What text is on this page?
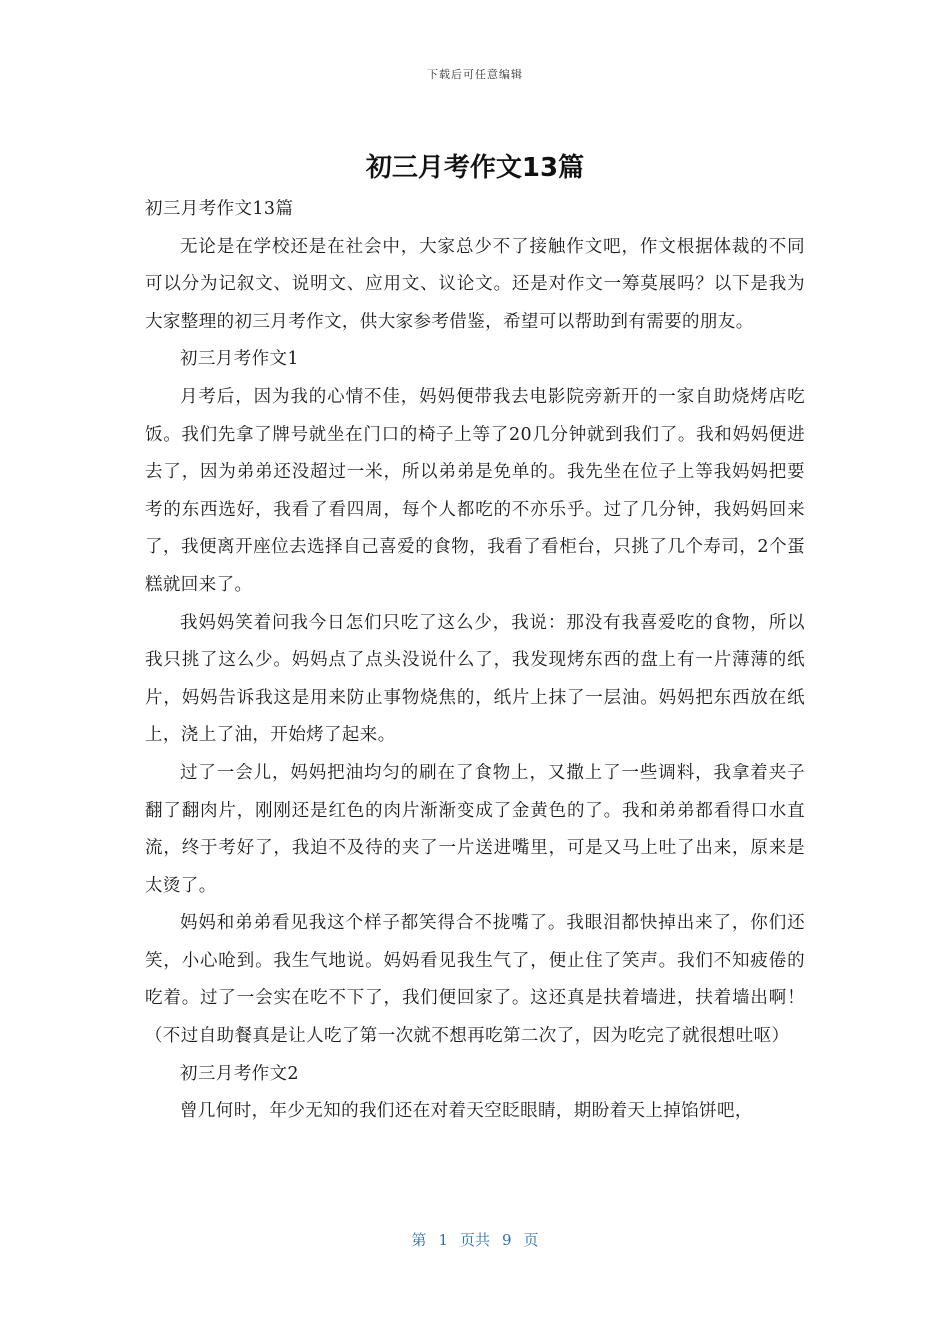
下载后可任意编辑
初三月考作文13篇

初三月考作文13篇

无论是在学校还是在社会中，大家总少不了接触作文吧，作文根据体裁的不同可以分为记叙文、说明文、应用文、议论文。还是对作文一筹莫展吗？以下是我为大家整理的初三月考作文，供大家参考借鉴，希望可以帮助到有需要的朋友。

初三月考作文1

月考后，因为我的心情不佳，妈妈便带我去电影院旁新开的一家自助烧烤店吃饭。我们先拿了牌号就坐在门口的椅子上等了20几分钟就到我们了。我和妈妈便进去了，因为弟弟还没超过一米，所以弟弟是免单的。我先坐在位子上等我妈妈把要考的东西选好，我看了看四周，每个人都吃的不亦乐乎。过了几分钟，我妈妈回来了，我便离开座位去选择自己喜爱的食物，我看了看柜台，只挑了几个寿司，2个蛋糕就回来了。

我妈妈笑着问我今日怎们只吃了这么少，我说：那没有我喜爱吃的食物，所以我只挑了这么少。妈妈点了点头没说什么了，我发现烤东西的盘上有一片薄薄的纸片，妈妈告诉我这是用来防止事物烧焦的，纸片上抹了一层油。妈妈把东西放在纸上，浇上了油，开始烤了起来。

过了一会儿，妈妈把油均匀的刷在了食物上，又撒上了一些调料，我拿着夹子翻了翻肉片，刚刚还是红色的肉片渐渐变成了金黄色的了。我和弟弟都看得口水直流，终于考好了，我迫不及待的夹了一片送进嘴里，可是又马上吐了出来，原来是太烫了。

妈妈和弟弟看见我这个样子都笑得合不拢嘴了。我眼泪都快掉出来了，你们还笑，小心呛到。我生气地说。妈妈看见我生气了，便止住了笑声。我们不知疲倦的吃着。过了一会实在吃不下了，我们便回家了。这还真是扶着墙进，扶着墙出啊！（不过自助餐真是让人吃了第一次就不想再吃第二次了，因为吃完了就很想吐呕）

初三月考作文2

曾几何时，年少无知的我们还在对着天空眨眼睛，期盼着天上掉馅饼吧，

第 1 页共 9 页
